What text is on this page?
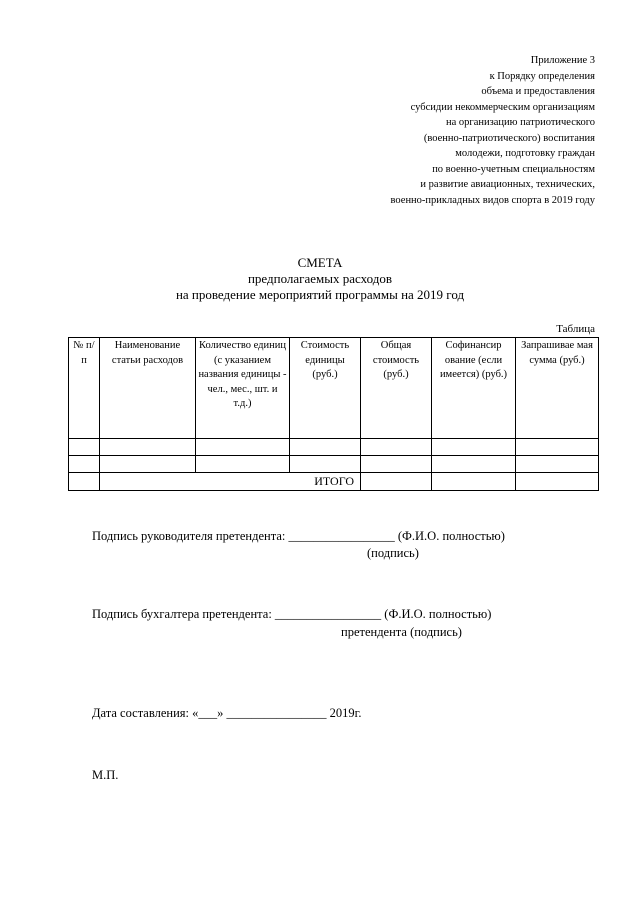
Приложение 3
к Порядку определения
объема и предоставления
субсидии некоммерческим организациям
на организацию патриотического
(военно-патриотического) воспитания
молодежи, подготовку граждан
по военно-учетным специальностям
и развитие авиационных, технических,
военно-прикладных видов спорта в 2019 году
СМЕТА
предполагаемых расходов
на проведение мероприятий программы на 2019 год
Таблица
№ п/п	Наименование статьи расходов	Количество единиц (с указанием названия единицы - чел., мес., шт. и т.д.)	Стоимость единицы (руб.)	Общая стоимость (руб.)	Софинансир ование (если имеется) (руб.)	Запрашивае мая сумма (руб.)

	ИТОГО					
Подпись руководителя претендента: _________________ (Ф.И.О. полностью)
(подпись)
Подпись бухгалтера претендента: _________________ (Ф.И.О. полностью)
претендента (подпись)
Дата составления: «___» ________________ 2019г.
М.П.
